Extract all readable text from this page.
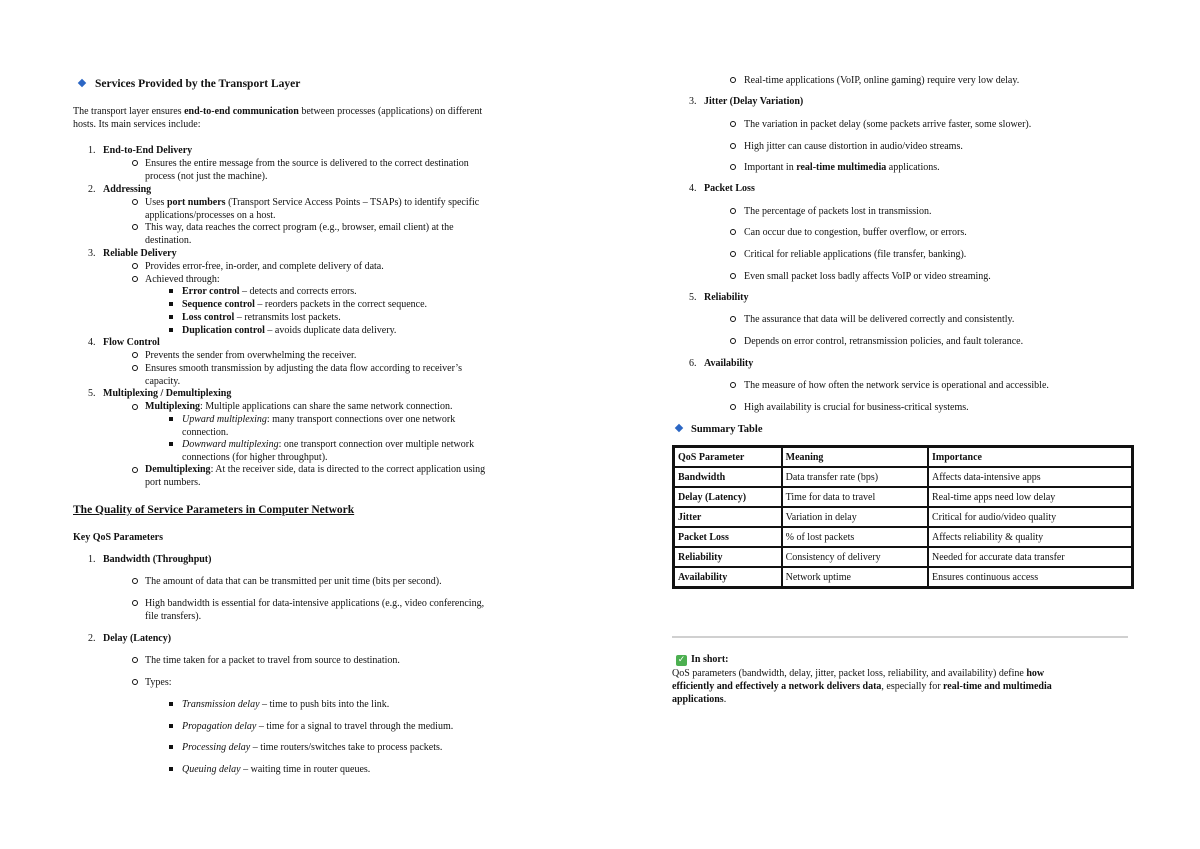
Services Provided by the Transport Layer
The transport layer ensures end-to-end communication between processes (applications) on different
hosts. Its main services include:
1. End-to-End Delivery
Ensures the entire message from the source is delivered to the correct destination
process (not just the machine).
2. Addressing
Uses port numbers (Transport Service Access Points – TSAPs) to identify specific
applications/processes on a host.
This way, data reaches the correct program (e.g., browser, email client) at the
destination.
3. Reliable Delivery
Provides error-free, in-order, and complete delivery of data.
Achieved through:
Error control – detects and corrects errors.
Sequence control – reorders packets in the correct sequence.
Loss control – retransmits lost packets.
Duplication control – avoids duplicate data delivery.
4. Flow Control
Prevents the sender from overwhelming the receiver.
Ensures smooth transmission by adjusting the data flow according to receiver’s
capacity.
5. Multiplexing / Demultiplexing
Multiplexing: Multiple applications can share the same network connection.
Upward multiplexing: many transport connections over one network
connection.
Downward multiplexing: one transport connection over multiple network
connections (for higher throughput).
Demultiplexing: At the receiver side, data is directed to the correct application using
port numbers.
The Quality of Service Parameters in Computer Network
Key QoS Parameters
1.   Bandwidth (Throughput)
The amount of data that can be transmitted per unit time (bits per second).
High bandwidth is essential for data-intensive applications (e.g., video conferencing,
file transfers).
2.   Delay (Latency)
The time taken for a packet to travel from source to destination.
Types:
Transmission delay – time to push bits into the link.
Propagation delay – time for a signal to travel through the medium.
Processing delay – time routers/switches take to process packets.
Queuing delay – waiting time in router queues.
Real-time applications (VoIP, online gaming) require very low delay.
3.   Jitter (Delay Variation)
The variation in packet delay (some packets arrive faster, some slower).
High jitter can cause distortion in audio/video streams.
Important in real-time multimedia applications.
4.   Packet Loss
The percentage of packets lost in transmission.
Can occur due to congestion, buffer overflow, or errors.
Critical for reliable applications (file transfer, banking).
Even small packet loss badly affects VoIP or video streaming.
5.   Reliability
The assurance that data will be delivered correctly and consistently.
Depends on error control, retransmission policies, and fault tolerance.
6.   Availability
The measure of how often the network service is operational and accessible.
High availability is crucial for business-critical systems.
Summary Table
QoS Parameter	Meaning	Importance
Bandwidth	Data transfer rate (bps)	Affects data-intensive apps
Delay (Latency)	Time for data to travel	Real-time apps need low delay
Jitter	Variation in delay	Critical for audio/video quality
Packet Loss	% of lost packets	Affects reliability & quality
Reliability	Consistency of delivery	Needed for accurate data transfer
Availability	Network uptime	Ensures continuous access
✓ In short:
QoS parameters (bandwidth, delay, jitter, packet loss, reliability, and availability) define how
efficiently and effectively a network delivers data, especially for real-time and multimedia
applications.
